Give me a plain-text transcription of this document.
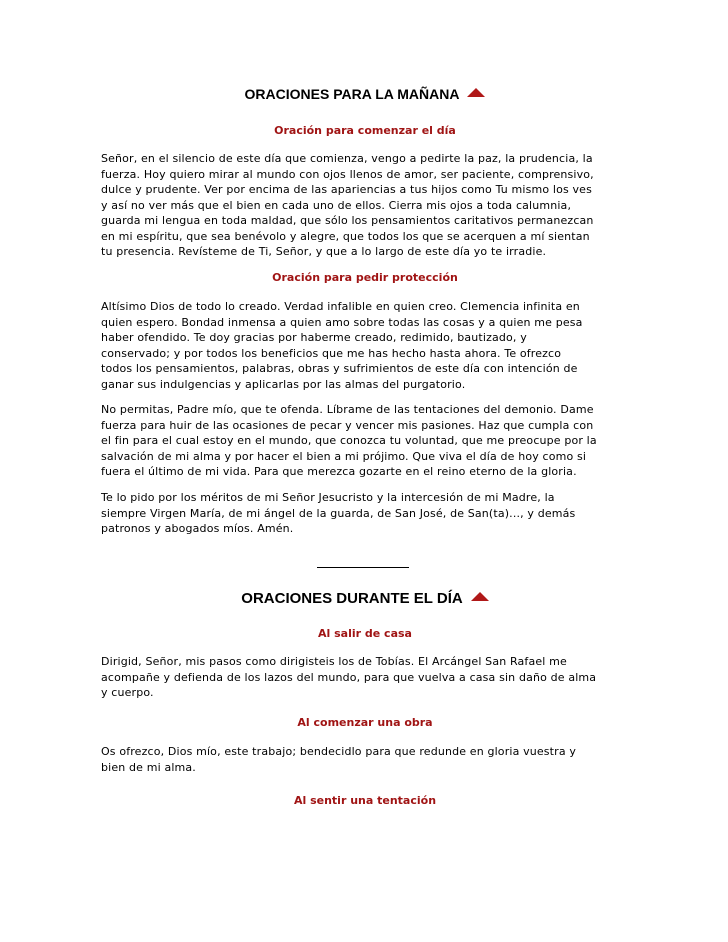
ORACIONES PARA LA MAÑANA
Oración para comenzar el día
Señor, en el silencio de este día que comienza, vengo a pedirte la paz, la prudencia, la
fuerza. Hoy quiero mirar al mundo con ojos llenos de amor, ser paciente, comprensivo,
dulce y prudente. Ver por encima de las apariencias a tus hijos como Tu mismo los ves
y así no ver más que el bien en cada uno de ellos. Cierra mis ojos a toda calumnia,
guarda mi lengua en toda maldad, que sólo los pensamientos caritativos permanezcan
en mi espíritu, que sea benévolo y alegre, que todos los que se acerquen a mí sientan
tu presencia. Revísteme de Ti, Señor, y que a lo largo de este día yo te irradie.
Oración para pedir protección
Altísimo Dios de todo lo creado. Verdad infalible en quien creo. Clemencia infinita en
quien espero. Bondad inmensa a quien amo sobre todas las cosas y a quien me pesa
haber ofendido. Te doy gracias por haberme creado, redimido, bautizado, y
conservado; y por todos los beneficios que me has hecho hasta ahora. Te ofrezco
todos los pensamientos, palabras, obras y sufrimientos de este día con intención de
ganar sus indulgencias y aplicarlas por las almas del purgatorio.
No permitas, Padre mío, que te ofenda. Líbrame de las tentaciones del demonio. Dame
fuerza para huir de las ocasiones de pecar y vencer mis pasiones. Haz que cumpla con
el fin para el cual estoy en el mundo, que conozca tu voluntad, que me preocupe por la
salvación de mi alma y por hacer el bien a mi prójimo. Que viva el día de hoy como si
fuera el último de mi vida. Para que merezca gozarte en el reino eterno de la gloria.
Te lo pido por los méritos de mi Señor Jesucristo y la intercesión de mi Madre, la
siempre Virgen María, de mi ángel de la guarda, de San José, de San(ta)..., y demás
patronos y abogados míos. Amén.
ORACIONES DURANTE EL DÍA
Al salir de casa
Dirigid, Señor, mis pasos como dirigisteis los de Tobías. El Arcángel San Rafael me
acompañe y defienda de los lazos del mundo, para que vuelva a casa sin daño de alma
y cuerpo.
Al comenzar una obra
Os ofrezco, Dios mío, este trabajo; bendecidlo para que redunde en gloria vuestra y
bien de mi alma.
Al sentir una tentación
